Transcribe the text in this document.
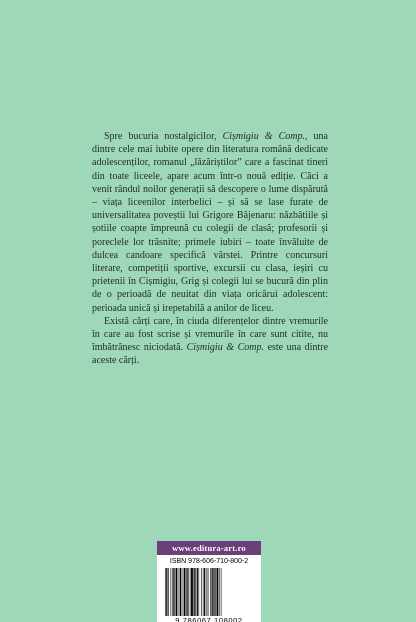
Spre bucuria nostalgicilor, Cișmigiu & Comp., una dintre cele mai iubite opere din literatura română dedicate adolescenților, romanul „lăzăriștilor” care a fascinat tineri din toate liceele, apare acum într-o nouă ediție. Căci a venit rândul noilor generații să descopere o lume dispărută – viața liceenilor interbelici – și să se lase furate de universalitatea poveștii lui Grigore Băjenaru: năzbâtiile și șotiile coapte împreună cu colegii de clasă; profesorii și poreclele lor trăsnite; primele iubiri – toate învăluite de dulcea candoare specifică vârstei. Printre concursuri literare, competiții sportive, excursii cu clasa, ieșiri cu prietenii în Cișmigiu, Grig și colegii lui se bucură din plin de o perioadă de neuitat din viața oricărui adolescent: perioada unică și irepetabilă a anilor de liceu.

Există cărți care, în ciuda diferențelor dintre vremurile în care au fost scrise și vremurile în care sunt citite, nu îmbătrânesc niciodată. Cișmigiu & Comp. este una dintre aceste cărți.

www.editura-art.ro
ISBN 978-606-710-800-2
9 786067 108002
